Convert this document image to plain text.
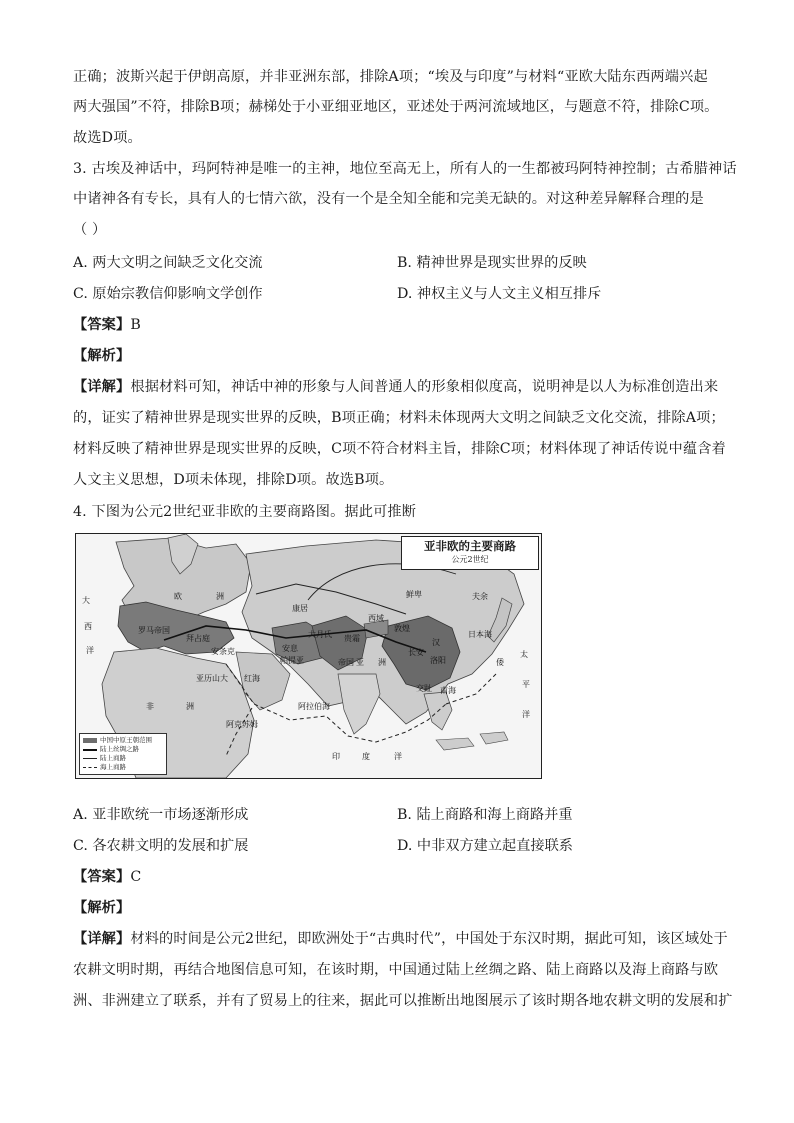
正确；波斯兴起于伊朗高原，并非亚洲东部，排除A项；“埃及与印度”与材料“亚欧大陆东西两端兴起
两大强国”不符，排除B项；赫梯处于小亚细亚地区，亚述处于两河流域地区，与题意不符，排除C项。
故选D项。
3. 古埃及神话中，玛阿特神是唯一的主神，地位至高无上，所有人的一生都被玛阿特神控制；古希腊神话
中诸神各有专长，具有人的七情六欲，没有一个是全知全能和完美无缺的。对这种差异解释合理的是
（ ）
A. 两大文明之间缺乏文化交流	B. 精神世界是现实世界的反映
C. 原始宗教信仰影响文学创作	D. 神权主义与人文主义相互排斥
【答案】B
【解析】
【详解】根据材料可知，神话中神的形象与人间普通人的形象相似度高，说明神是以人为标准创造出来
的，证实了精神世界是现实世界的反映，B项正确；材料未体现两大文明之间缺乏文化交流，排除A项；
材料反映了精神世界是现实世界的反映，C项不符合材料主旨，排除C项；材料体现了神话传说中蕴含着
人文主义思想，D项未体现，排除D项。故选B项。
4. 下图为公元2世纪亚非欧的主要商路图。据此可推断
亚非欧的主要商路
公元2世纪
大
西
洋
欧	洲
罗马帝国
拜占庭
安条克
亚历山大
非	洲
康居
安息
帕提亚
大月氏 贵霜
帝国
西域
敦煌
鲜卑	夫余
亚 洲
长安
汉
洛阳
交趾 南海
日本海
倭
太
平
洋
印	度	洋
阿克苏姆
红海
阿拉伯海
中国中原王朝范围
陆上丝绸之路
陆上商路
海上商路
A. 亚非欧统一市场逐渐形成	B. 陆上商路和海上商路并重
C. 各农耕文明的发展和扩展	D. 中非双方建立起直接联系
【答案】C
【解析】
【详解】材料的时间是公元2世纪，即欧洲处于“古典时代”，中国处于东汉时期，据此可知，该区域处于
农耕文明时期，再结合地图信息可知，在该时期，中国通过陆上丝绸之路、陆上商路以及海上商路与欧
洲、非洲建立了联系，并有了贸易上的往来，据此可以推断出地图展示了该时期各地农耕文明的发展和扩
